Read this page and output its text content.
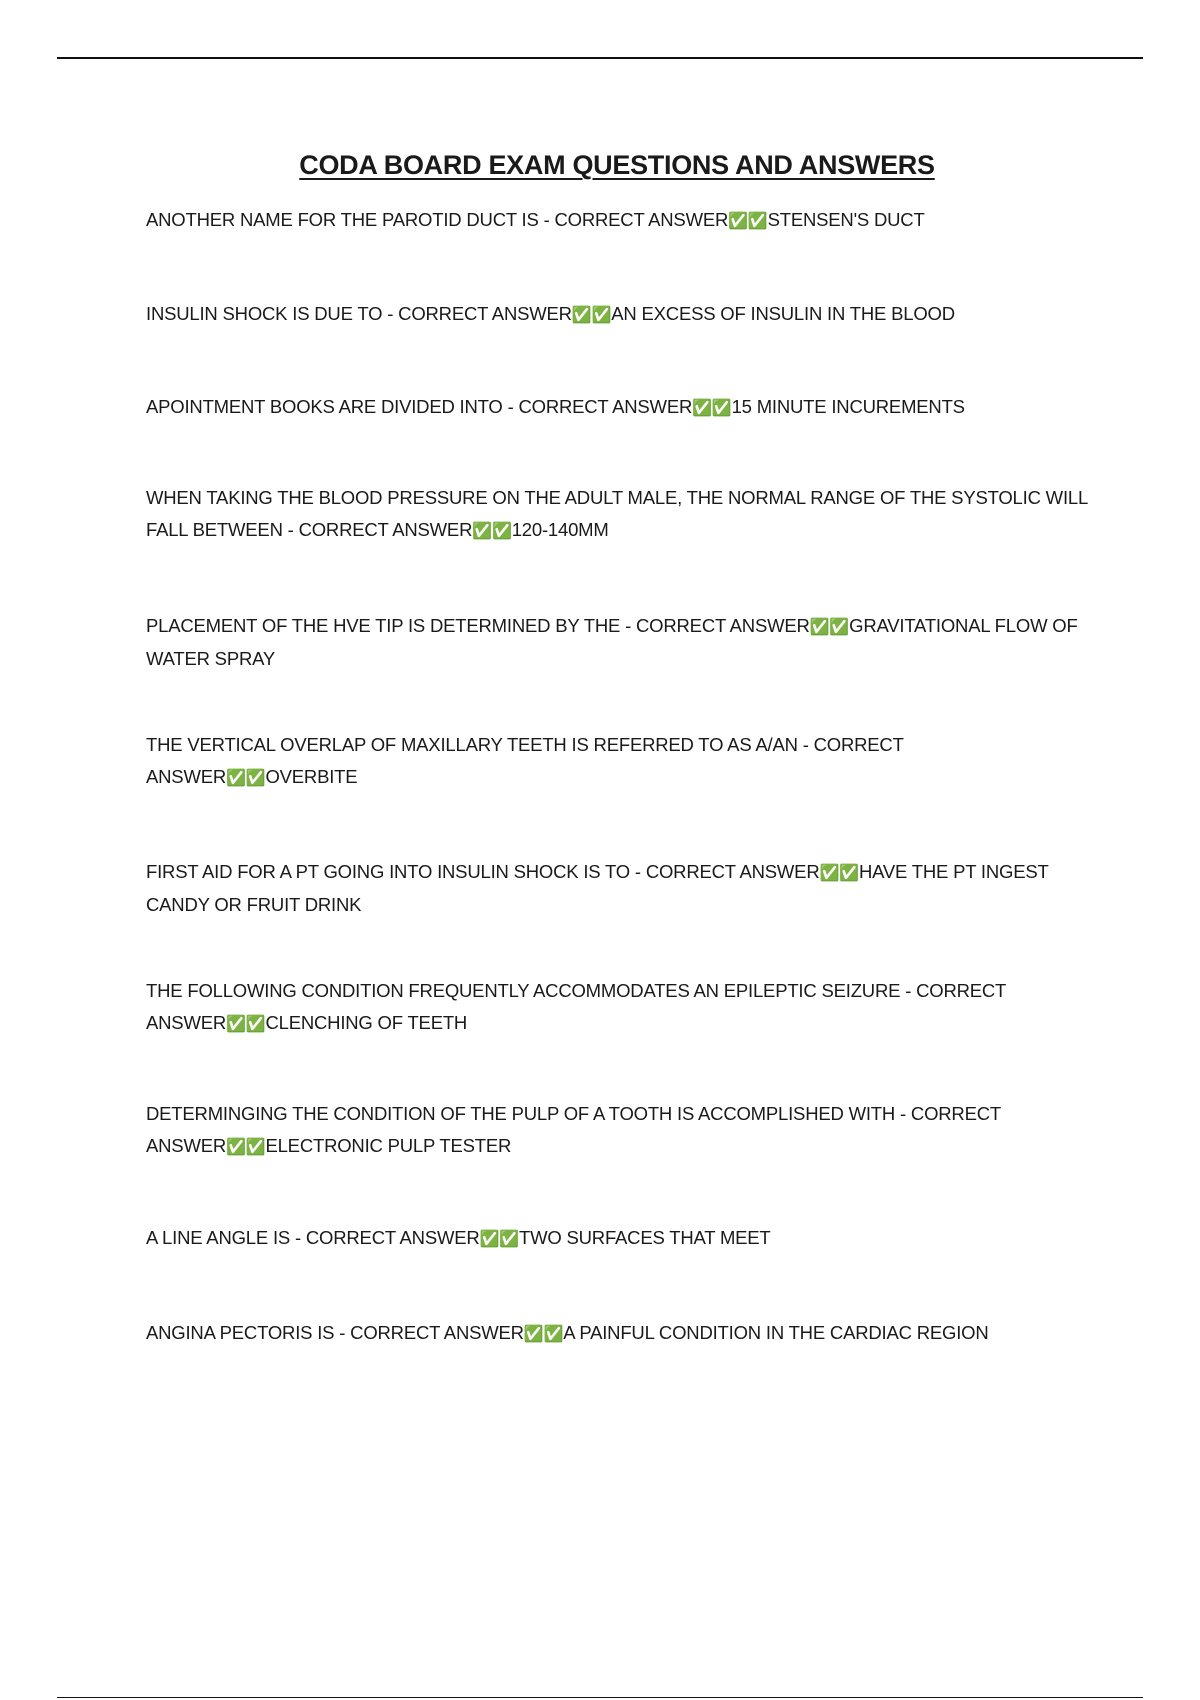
CODA BOARD EXAM QUESTIONS AND ANSWERS

ANOTHER NAME FOR THE PAROTID DUCT IS - CORRECT ANSWER✅✅STENSEN'S DUCT

INSULIN SHOCK IS DUE TO - CORRECT ANSWER✅✅AN EXCESS OF INSULIN IN THE BLOOD

APOINTMENT BOOKS ARE DIVIDED INTO - CORRECT ANSWER✅✅15 MINUTE INCUREMENTS

WHEN TAKING THE BLOOD PRESSURE ON THE ADULT MALE, THE NORMAL RANGE OF THE SYSTOLIC WILL FALL BETWEEN - CORRECT ANSWER✅✅120-140MM

PLACEMENT OF THE HVE TIP IS DETERMINED BY THE - CORRECT ANSWER✅✅GRAVITATIONAL FLOW OF WATER SPRAY

THE VERTICAL OVERLAP OF MAXILLARY TEETH IS REFERRED TO AS A/AN - CORRECT ANSWER✅✅OVERBITE

FIRST AID FOR A PT GOING INTO INSULIN SHOCK IS TO - CORRECT ANSWER✅✅HAVE THE PT INGEST CANDY OR FRUIT DRINK

THE FOLLOWING CONDITION FREQUENTLY ACCOMMODATES AN EPILEPTIC SEIZURE - CORRECT ANSWER✅✅CLENCHING OF TEETH

DETERMINGING THE CONDITION OF THE PULP OF A TOOTH IS ACCOMPLISHED WITH - CORRECT ANSWER✅✅ELECTRONIC PULP TESTER

A LINE ANGLE IS - CORRECT ANSWER✅✅TWO SURFACES THAT MEET

ANGINA PECTORIS IS - CORRECT ANSWER✅✅A PAINFUL CONDITION IN THE CARDIAC REGION
